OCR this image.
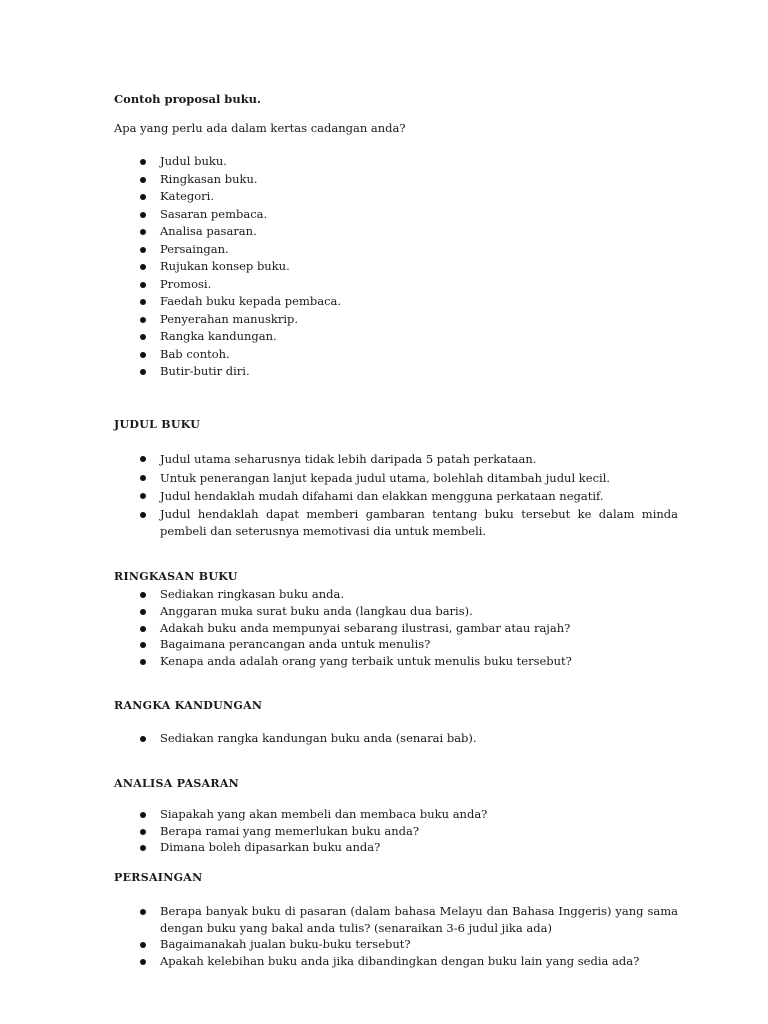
Contoh proposal buku.

Apa yang perlu ada dalam kertas cadangan anda?

Judul buku.
Ringkasan buku.
Kategori.
Sasaran pembaca.
Analisa pasaran.
Persaingan.
Rujukan konsep buku.
Promosi.
Faedah buku kepada pembaca.
Penyerahan manuskrip.
Rangka kandungan.
Bab contoh.
Butir-butir diri.

JUDUL BUKU

Judul utama seharusnya tidak lebih daripada 5 patah perkataan.
Untuk penerangan lanjut kepada judul utama, bolehlah ditambah judul kecil.
Judul hendaklah mudah difahami dan elakkan mengguna perkataan negatif.
Judul hendaklah dapat memberi gambaran tentang buku tersebut ke dalam minda pembeli dan seterusnya memotivasi dia untuk membeli.

RINGKASAN BUKU

Sediakan ringkasan buku anda.
Anggaran muka surat buku anda (langkau dua baris).
Adakah buku anda mempunyai sebarang ilustrasi, gambar atau rajah?
Bagaimana perancangan anda untuk menulis?
Kenapa anda adalah orang yang terbaik untuk menulis buku tersebut?

RANGKA KANDUNGAN

Sediakan rangka kandungan buku anda (senarai bab).

ANALISA PASARAN

Siapakah yang akan membeli dan membaca buku anda?
Berapa ramai yang memerlukan buku anda?
Dimana boleh dipasarkan buku anda?

PERSAINGAN

Berapa banyak buku di pasaran (dalam bahasa Melayu dan Bahasa Inggeris) yang sama dengan buku yang bakal anda tulis? (senaraikan 3-6 judul jika ada)
Bagaimanakah jualan buku-buku tersebut?
Apakah kelebihan buku anda jika dibandingkan dengan buku lain yang sedia ada?
